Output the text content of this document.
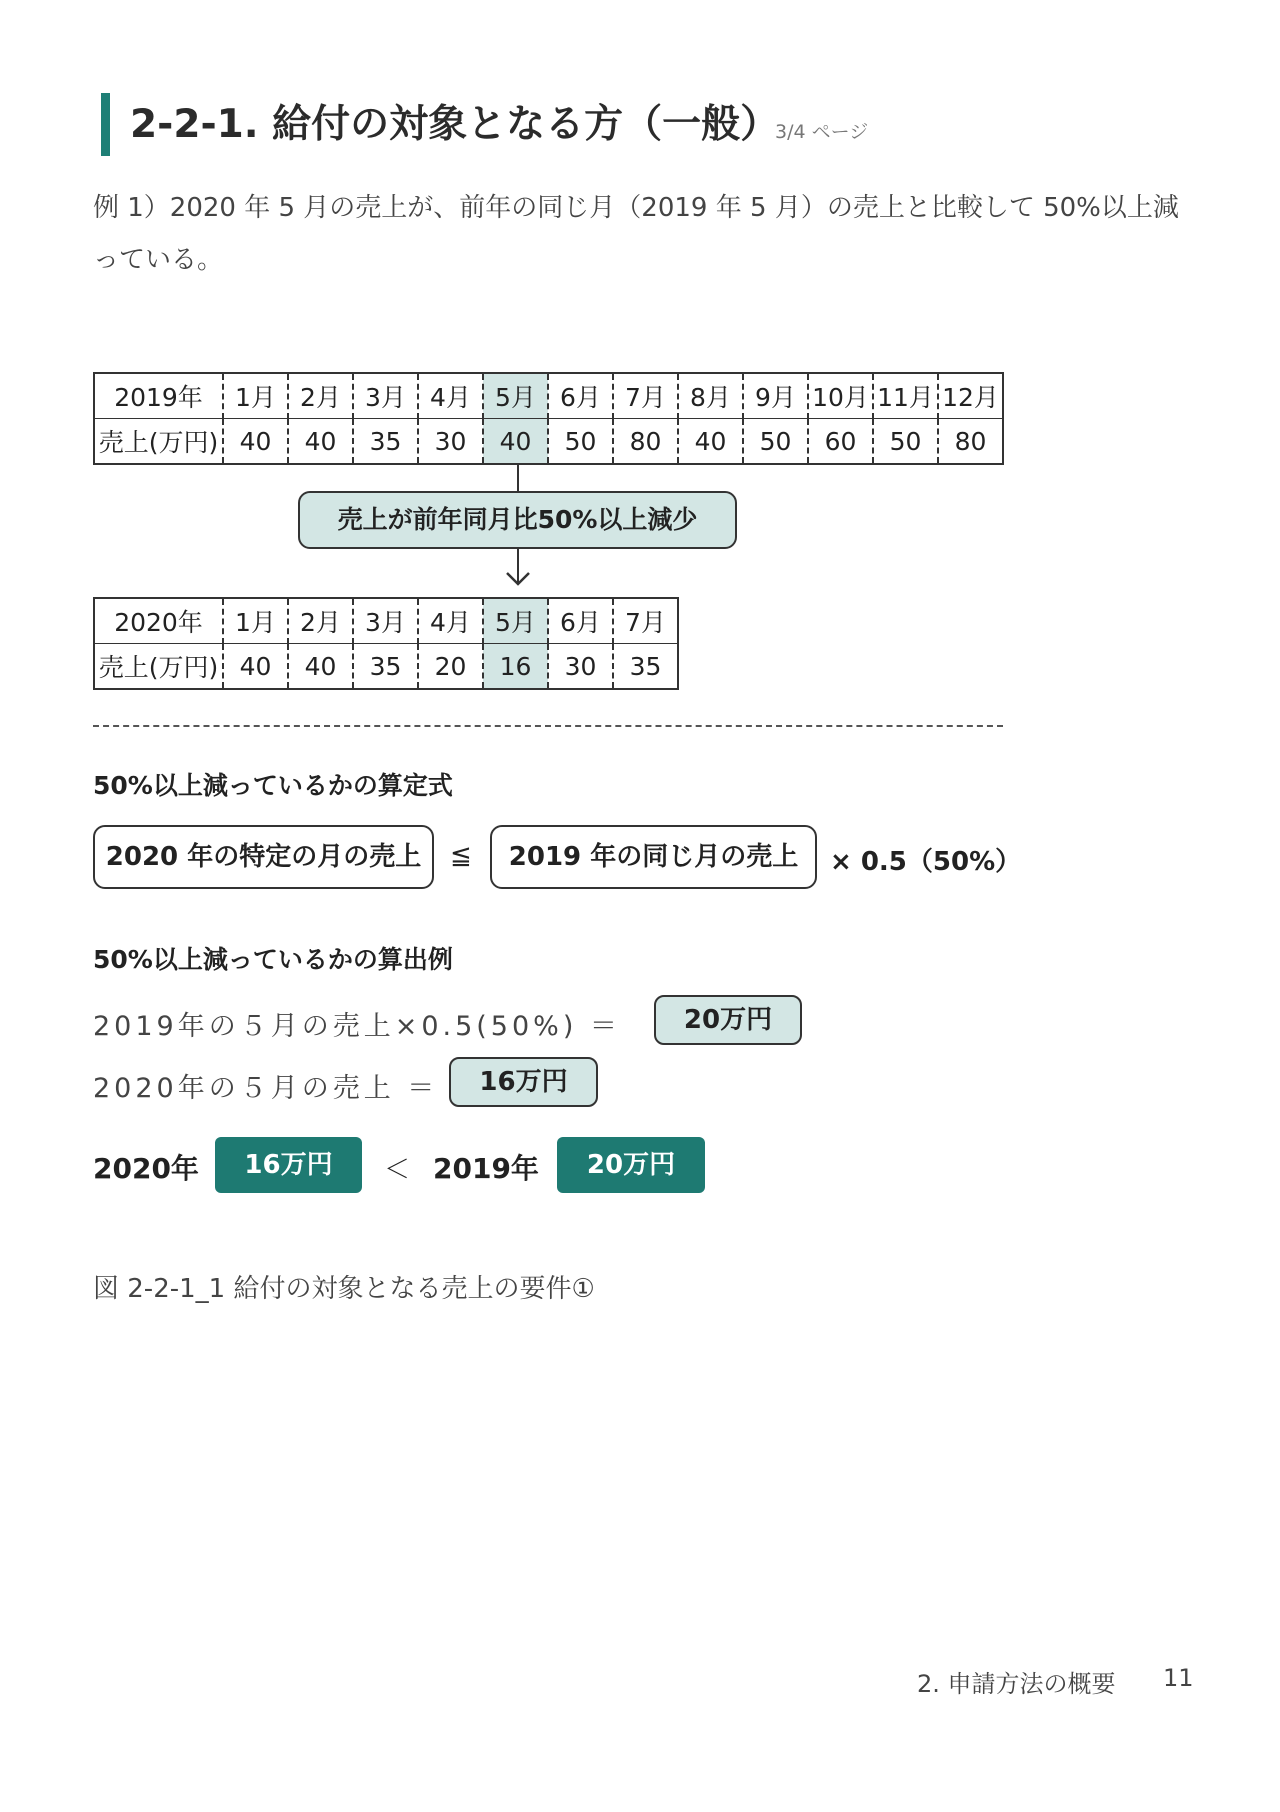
2-2-1. 給付の対象となる方（一般）
3/4 ページ
例 1）2020 年 5 月の売上が、前年の同じ月（2019 年 5 月）の売上と比較して 50%以上減っている。
2019年	1月	2月	3月	4月	5月	6月	7月	8月	9月	10月	11月	12月
売上(万円)	40	40	35	30	40	50	80	40	50	60	50	80
売上が前年同月比50%以上減少
2020年	1月	2月	3月	4月	5月	6月	7月
売上(万円)	40	40	35	20	16	30	35
50%以上減っているかの算定式
2020 年の特定の月の売上	≦	2019 年の同じ月の売上	× 0.5（50%）
50%以上減っているかの算出例
2019年の５月の売上×0.5(50%) ＝	20万円
2020年の５月の売上 ＝	16万円
2020年	16万円	＜ 2019年	20万円
図 2-2-1_1 給付の対象となる売上の要件①
2. 申請方法の概要 11
